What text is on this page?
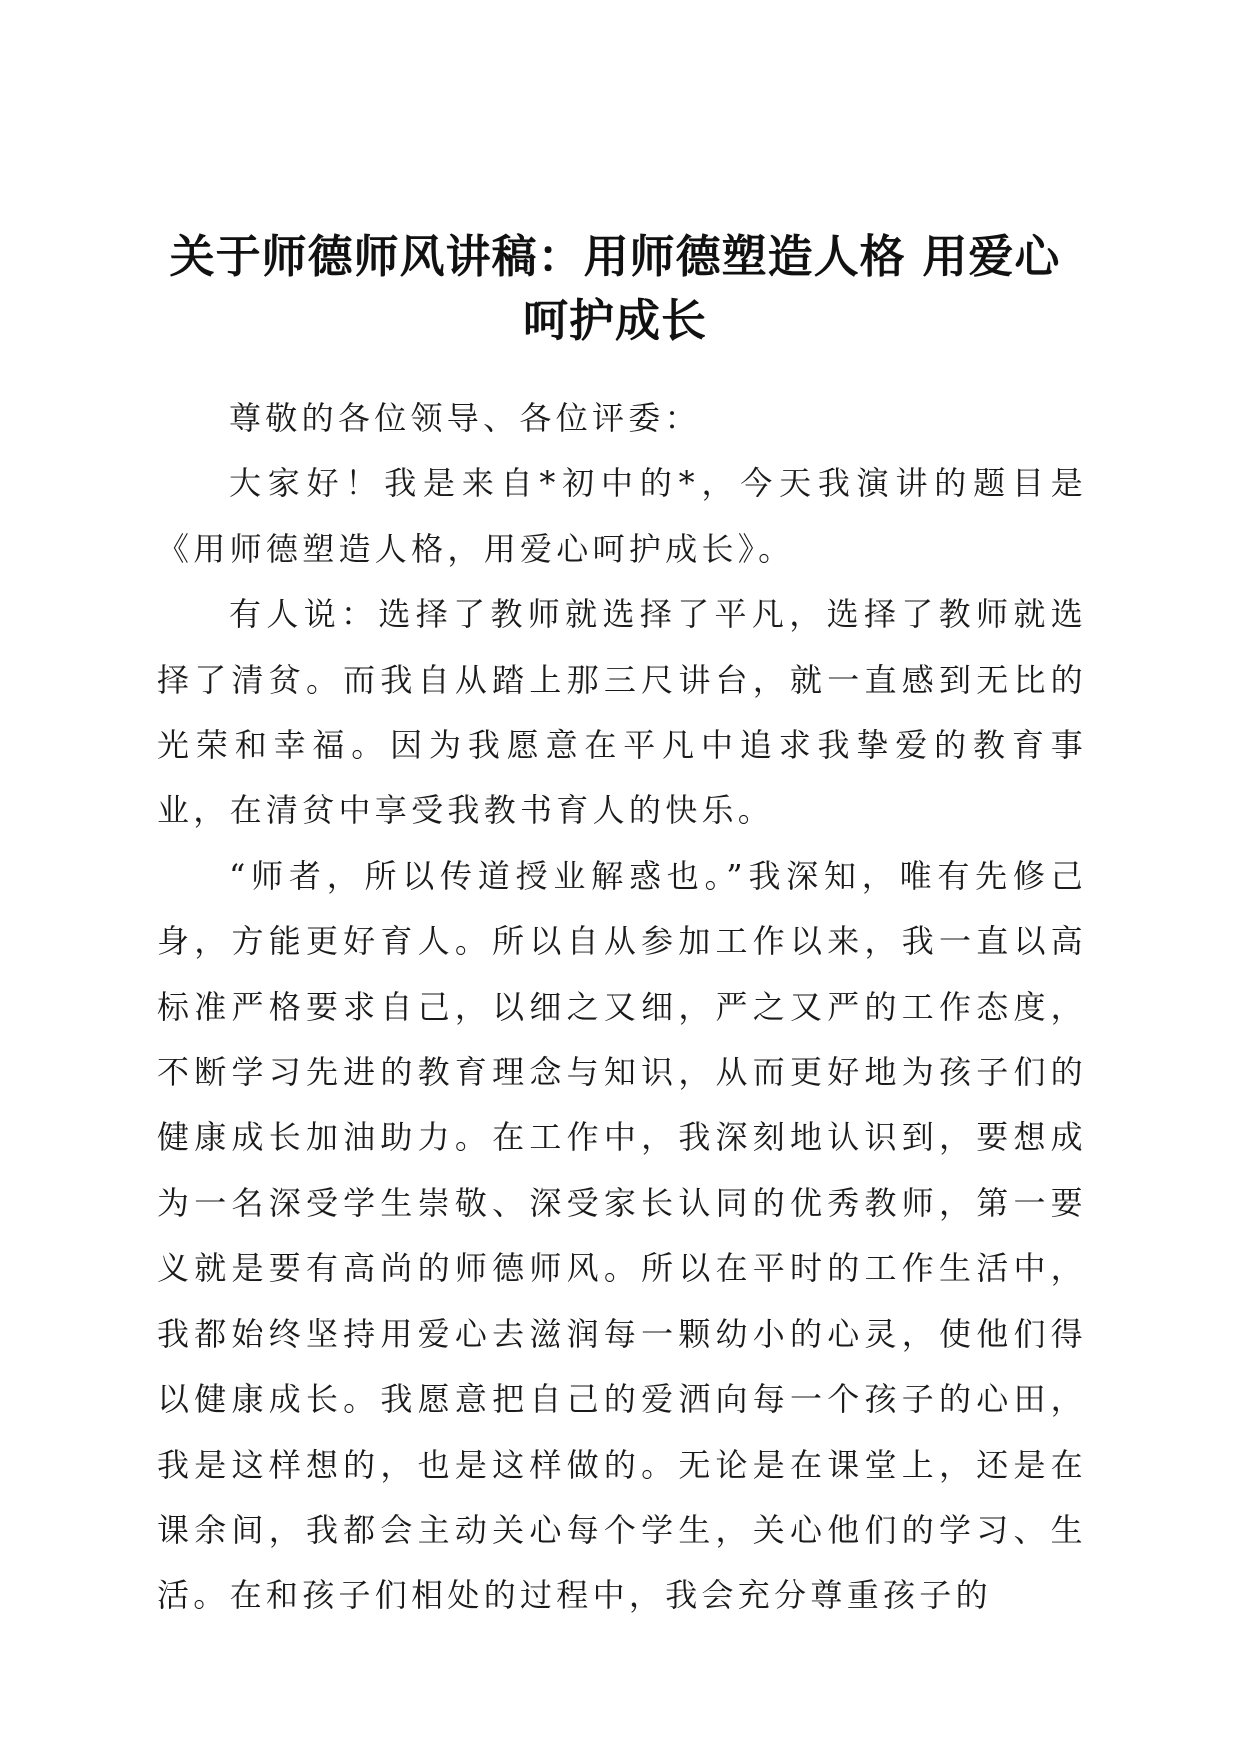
关于师德师风讲稿：用师德塑造人格 用爱心
呵护成长

尊敬的各位领导、各位评委：

大家好！我是来自*初中的*，今天我演讲的题目是《用师德塑造人格，用爱心呵护成长》。

有人说：选择了教师就选择了平凡，选择了教师就选择了清贫。而我自从踏上那三尺讲台，就一直感到无比的光荣和幸福。因为我愿意在平凡中追求我挚爱的教育事业，在清贫中享受我教书育人的快乐。

“师者，所以传道授业解惑也。”我深知，唯有先修己身，方能更好育人。所以自从参加工作以来，我一直以高标准严格要求自己，以细之又细，严之又严的工作态度，不断学习先进的教育理念与知识，从而更好地为孩子们的健康成长加油助力。在工作中，我深刻地认识到，要想成为一名深受学生崇敬、深受家长认同的优秀教师，第一要义就是要有高尚的师德师风。所以在平时的工作生活中，我都始终坚持用爱心去滋润每一颗幼小的心灵，使他们得以健康成长。我愿意把自己的爱洒向每一个孩子的心田，我是这样想的，也是这样做的。无论是在课堂上，还是在课余间，我都会主动关心每个学生，关心他们的学习、生活。在和孩子们相处的过程中，我会充分尊重孩子的
